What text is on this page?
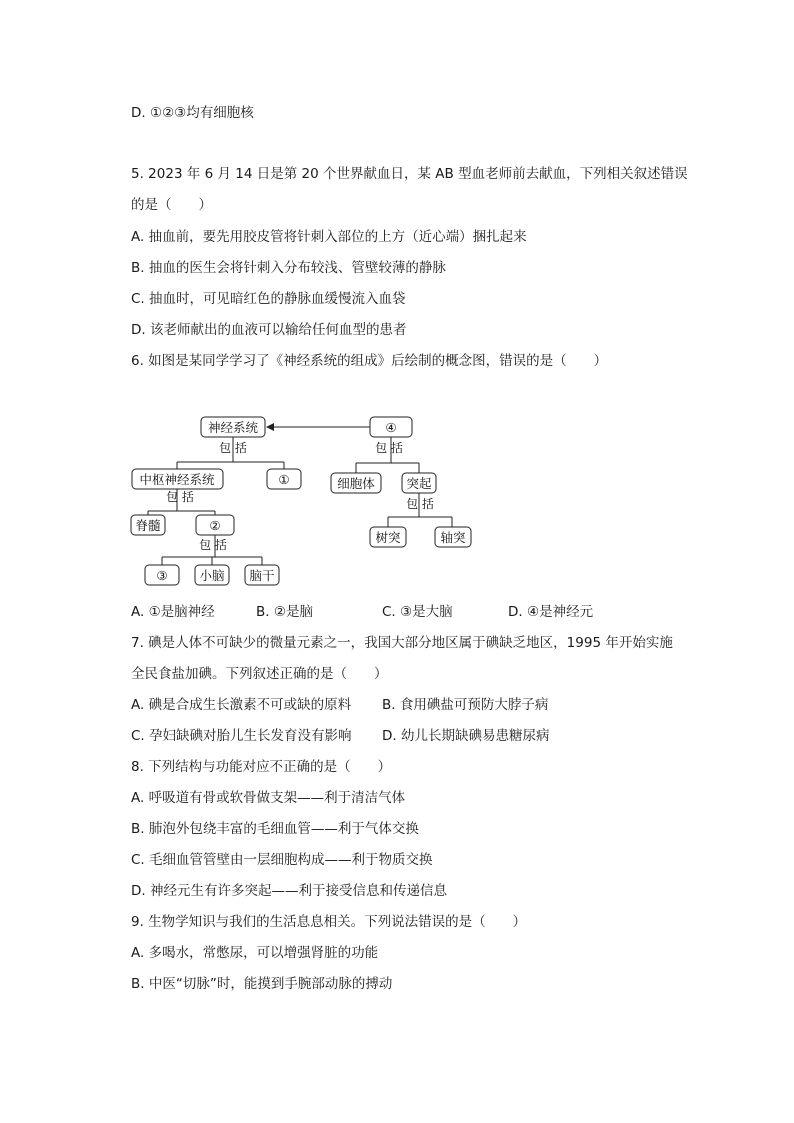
D. ①②③均有细胞核
5. 2023 年 6 月 14 日是第 20 个世界献血日，某 AB 型血老师前去献血，下列相关叙述错误
的是（　　）
A. 抽血前，要先用胶皮管将针刺入部位的上方（近心端）捆扎起来
B. 抽血的医生会将针刺入分布较浅、管壁较薄的静脉
C. 抽血时，可见暗红色的静脉血缓慢流入血袋
D. 该老师献出的血液可以输给任何血型的患者
6. 如图是某同学学习了《神经系统的组成》后绘制的概念图，错误的是（　　）
神经系统	④
包 括
中枢神经系统	①
包 括
细胞体	突起
包 括
脊髓	②
包 括
树突	轴突
包 括
③	小脑 脑干
A. ①是脑神经	B. ②是脑	C. ③是大脑	D. ④是神经元
7. 碘是人体不可缺少的微量元素之一，我国大部分地区属于碘缺乏地区，1995 年开始实施
全民食盐加碘。下列叙述正确的是（　　）
A. 碘是合成生长激素不可或缺的原料 B. 食用碘盐可预防大脖子病
C. 孕妇缺碘对胎儿生长发育没有影响 D. 幼儿长期缺碘易患糖尿病
8. 下列结构与功能对应不正确的是（　　）
A. 呼吸道有骨或软骨做支架——利于清洁气体
B. 肺泡外包绕丰富的毛细血管——利于气体交换
C. 毛细血管管壁由一层细胞构成——利于物质交换
D. 神经元生有许多突起——利于接受信息和传递信息
9. 生物学知识与我们的生活息息相关。下列说法错误的是（　　）
A. 多喝水，常憋尿，可以增强肾脏的功能
B. 中医“切脉”时，能摸到手腕部动脉的搏动
